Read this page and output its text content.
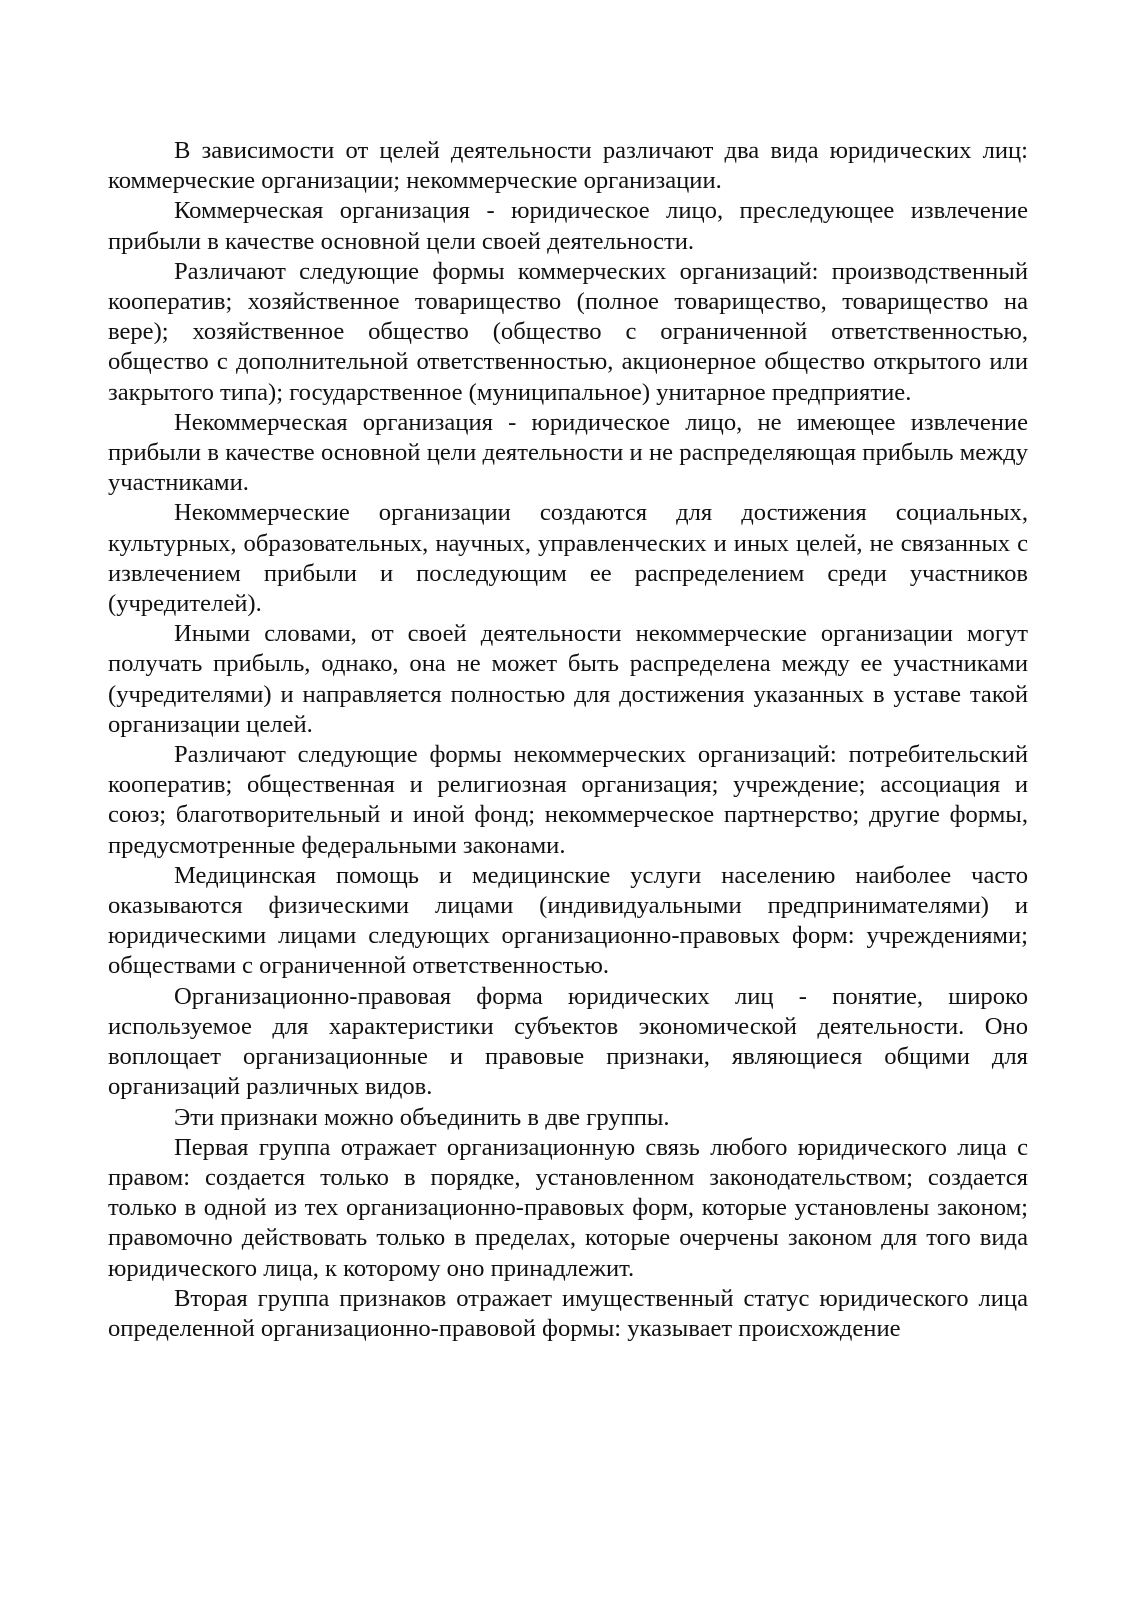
В зависимости от целей деятельности различают два вида юридических лиц: коммерческие организации; некоммерческие организации.

Коммерческая организация - юридическое лицо, преследующее извлечение прибыли в качестве основной цели своей деятельности.

Различают следующие формы коммерческих организаций: производственный кооператив; хозяйственное товарищество (полное товарищество, товарищество на вере); хозяйственное общество (общество с ограниченной ответственностью, общество с дополнительной ответственностью, акционерное общество открытого или закрытого типа); государственное (муниципальное) унитарное предприятие.

Некоммерческая организация - юридическое лицо, не имеющее извлечение прибыли в качестве основной цели деятельности и не распределяющая прибыль между участниками.

Некоммерческие организации создаются для достижения социальных, культурных, образовательных, научных, управленческих и иных целей, не связанных с извлечением прибыли и последующим ее распределением среди участников (учредителей).

Иными словами, от своей деятельности некоммерческие организации могут получать прибыль, однако, она не может быть распределена между ее участниками (учредителями) и направляется полностью для достижения указанных в уставе такой организации целей.

Различают следующие формы некоммерческих организаций: потребительский кооператив; общественная и религиозная организация; учреждение; ассоциация и союз; благотворительный и иной фонд; некоммерческое партнерство; другие формы, предусмотренные федеральными законами.

Медицинская помощь и медицинские услуги населению наиболее часто оказываются физическими лицами (индивидуальными предпринимателями) и юридическими лицами следующих организационно-правовых форм: учреждениями; обществами с ограниченной ответственностью.

Организационно-правовая форма юридических лиц - понятие, широко используемое для характеристики субъектов экономической деятельности. Оно воплощает организационные и правовые признаки, являющиеся общими для организаций различных видов.

Эти признаки можно объединить в две группы.

Первая группа отражает организационную связь любого юридического лица с правом: создается только в порядке, установленном законодательством; создается только в одной из тех организационно-правовых форм, которые установлены законом; правомочно действовать только в пределах, которые очерчены законом для того вида юридического лица, к которому оно принадлежит.

Вторая группа признаков отражает имущественный статус юридического лица определенной организационно-правовой формы: указывает происхождение
